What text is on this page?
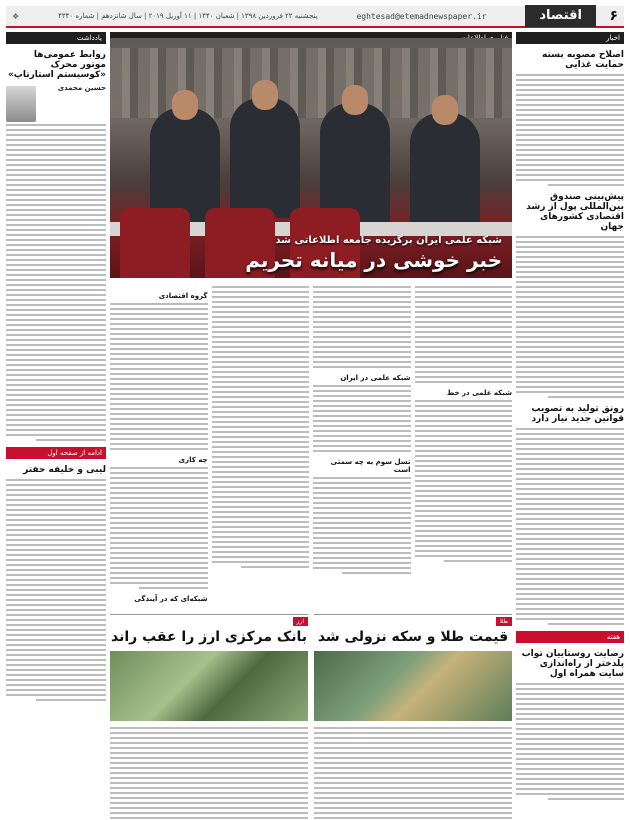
۶
اقتصاد
eghtesad@etemadnewspaper.ir
پنجشنبه ۲۲ فروردین ۱۳۹۸ | شعبان ۱۴۴۰ | ۱۱ آوریل ۲۰۱۹ | سال شانزدهم | شماره ۴۳۴۰
❖
اخبار
اصلاح مصوبه بسته حمایت غذایی
پیش‌بینی صندوق بین‌المللی پول از رشد اقتصادی کشورهای جهان
رونق تولید به تصویب قوانین جدید نیاز دارد
هفته
رضایت روستاییان تواب پلدختر از راه‌اندازی سایت همراه اول
شبکه علمی ایران برگزیده جامعه اطلاعاتی شد
خبر خوشی در میانه تحریم
شبکه علمی در خط
شبکه علمی در ایران
تسل سوم به چه سمتی است
گروه اقتصادی
چه کاری
شبکه‌ای که در آیندگی
طلا
قیمت طلا و سکه نزولی شد
ارز
بانک مرکزی ارز را عقب راند
یادداشت
روابط عمومی‌ها موتور محرک «کوسیستم استارتاپ»
حسین محمدی
ادامه از صفحه اول
لیبی و خلیفه حفتر
